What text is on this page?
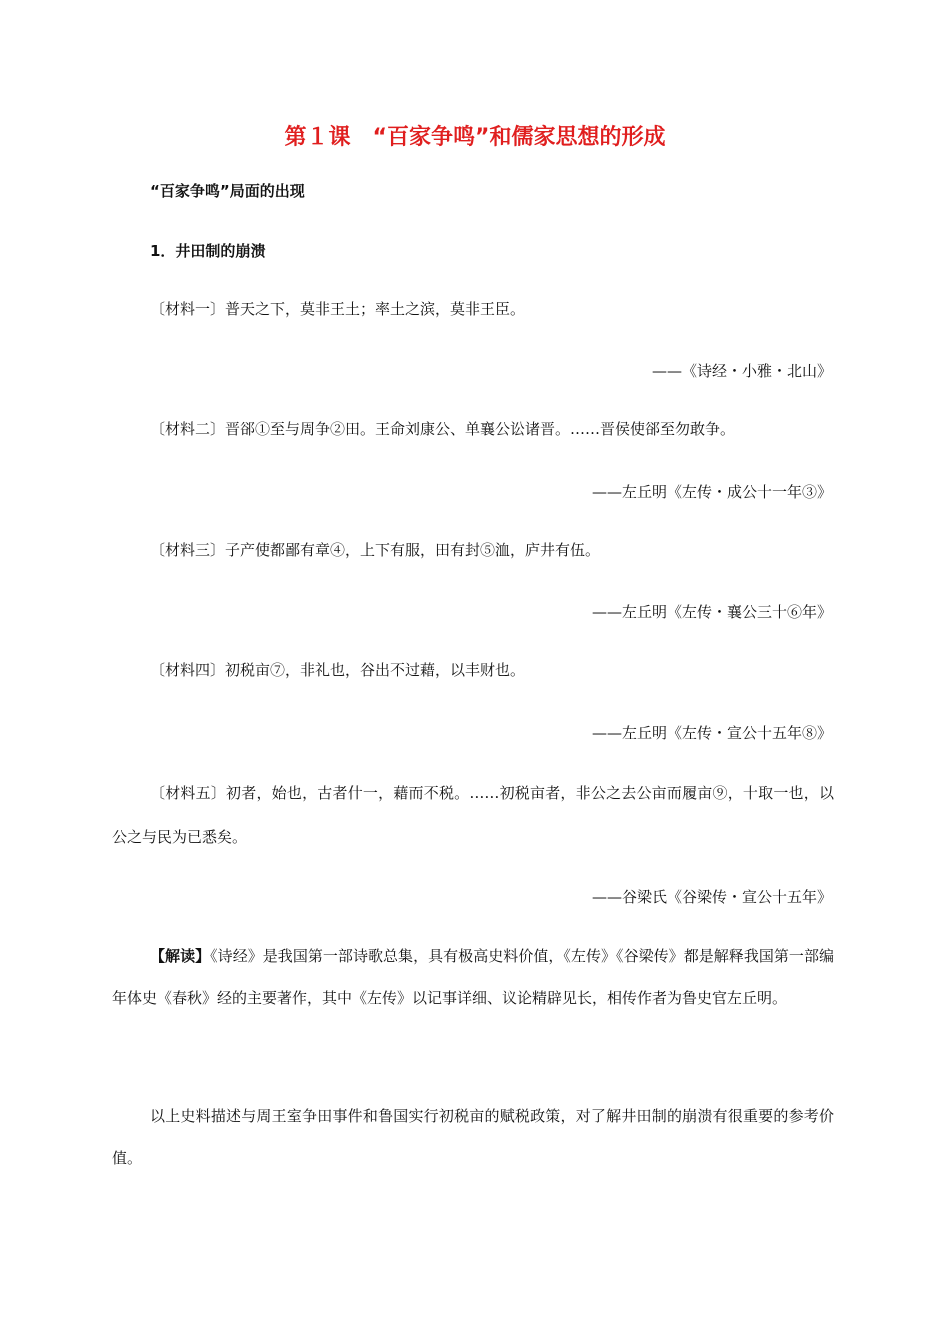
第１课　“百家争鸣”和儒家思想的形成
“百家争鸣”局面的出现
1．井田制的崩溃
〔材料一〕普天之下，莫非王土；率土之滨，莫非王臣。
——《诗经・小雅・北山》
〔材料二〕晋郤①至与周争②田。王命刘康公、单襄公讼诸晋。……晋侯使郤至勿敢争。
——左丘明《左传・成公十一年③》
〔材料三〕子产使都鄙有章④，上下有服，田有封⑤洫，庐井有伍。
——左丘明《左传・襄公三十⑥年》
〔材料四〕初税亩⑦，非礼也，谷出不过藉，以丰财也。
——左丘明《左传・宣公十五年⑧》
〔材料五〕初者，始也，古者什一，藉而不税。……初税亩者，非公之去公亩而履亩⑨，十取一也，以公之与民为已悉矣。
——谷梁氏《谷梁传・宣公十五年》
【解读】《诗经》是我国第一部诗歌总集，具有极高史料价值，《左传》《谷梁传》都是解释我国第一部编年体史《春秋》经的主要著作，其中《左传》以记事详细、议论精辟见长，相传作者为鲁史官左丘明。
以上史料描述与周王室争田事件和鲁国实行初税亩的赋税政策，对了解井田制的崩溃有很重要的参考价值。
